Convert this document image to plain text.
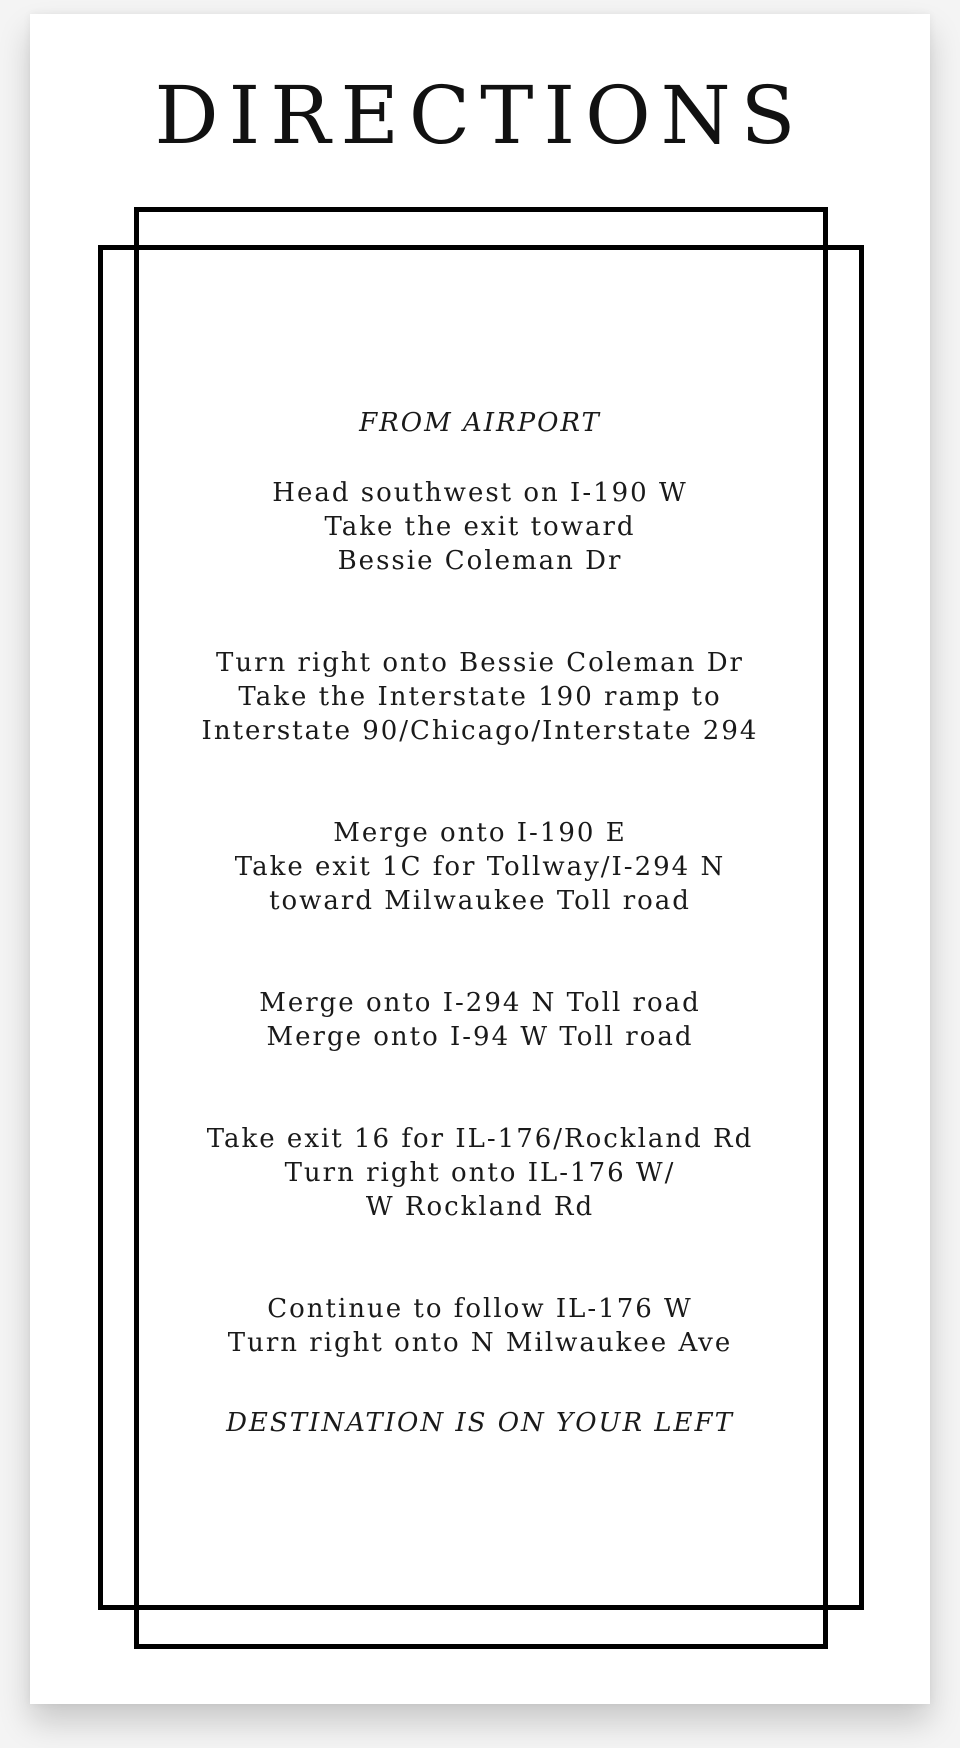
DIRECTIONS

FROM AIRPORT

Head southwest on I-190 W
Take the exit toward
Bessie Coleman Dr
Turn right onto Bessie Coleman Dr
Take the Interstate 190 ramp to
Interstate 90/Chicago/Interstate 294
Merge onto I-190 E
Take exit 1C for Tollway/I-294 N
toward Milwaukee Toll road
Merge onto I-294 N Toll road
Merge onto I-94 W Toll road
Take exit 16 for IL-176/Rockland Rd
Turn right onto IL-176 W/
W Rockland Rd
Continue to follow IL-176 W
Turn right onto N Milwaukee Ave

DESTINATION IS ON YOUR LEFT
